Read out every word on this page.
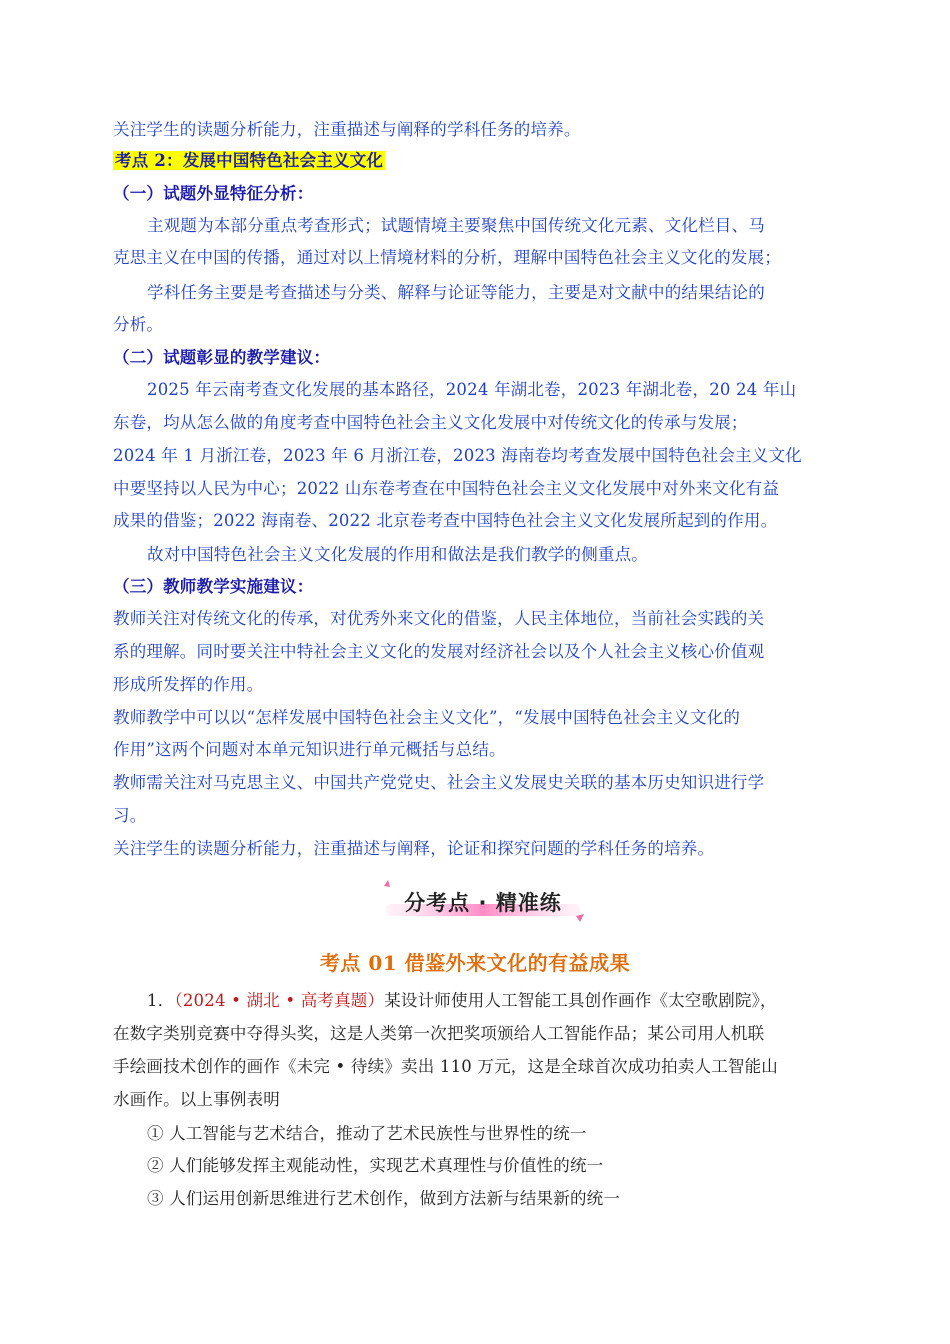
关注学生的读题分析能力，注重描述与阐释的学科任务的培养。
考点 2：发展中国特色社会主义文化
（一）试题外显特征分析：
主观题为本部分重点考查形式；试题情境主要聚焦中国传统文化元素、文化栏目、马
克思主义在中国的传播，通过对以上情境材料的分析，理解中国特色社会主义文化的发展；
学科任务主要是考查描述与分类、解释与论证等能力，主要是对文献中的结果结论的
分析。
（二）试题彰显的教学建议：
2025 年云南考查文化发展的基本路径，2024 年湖北卷，2023 年湖北卷，20 24 年山
东卷，均从怎么做的角度考查中国特色社会主义文化发展中对传统文化的传承与发展；
2024 年 1 月浙江卷，2023 年 6 月浙江卷，2023 海南卷均考查发展中国特色社会主义文化
中要坚持以人民为中心；2022 山东卷考查在中国特色社会主义文化发展中对外来文化有益
成果的借鉴；2022 海南卷、2022 北京卷考查中国特色社会主义文化发展所起到的作用。
故对中国特色社会主义文化发展的作用和做法是我们教学的侧重点。
（三）教师教学实施建议：
教师关注对传统文化的传承，对优秀外来文化的借鉴，人民主体地位，当前社会实践的关
系的理解。同时要关注中特社会主义文化的发展对经济社会以及个人社会主义核心价值观
形成所发挥的作用。
教师教学中可以以“怎样发展中国特色社会主义文化”，“发展中国特色社会主义文化的
作用”这两个问题对本单元知识进行单元概括与总结。
教师需关注对马克思主义、中国共产党党史、社会主义发展史关联的基本历史知识进行学
习。
关注学生的读题分析能力，注重描述与阐释，论证和探究问题的学科任务的培养。
分考点 · 精准练
考点 01 借鉴外来文化的有益成果
1．（2024 • 湖北 • 高考真题）某设计师使用人工智能工具创作画作《太空歌剧院》，
在数字类别竞赛中夺得头奖，这是人类第一次把奖项颁给人工智能作品；某公司用人机联
手绘画技术创作的画作《未完 • 待续》卖出 110 万元，这是全球首次成功拍卖人工智能山
水画作。以上事例表明
① 人工智能与艺术结合，推动了艺术民族性与世界性的统一
② 人们能够发挥主观能动性，实现艺术真理性与价值性的统一
③ 人们运用创新思维进行艺术创作，做到方法新与结果新的统一
